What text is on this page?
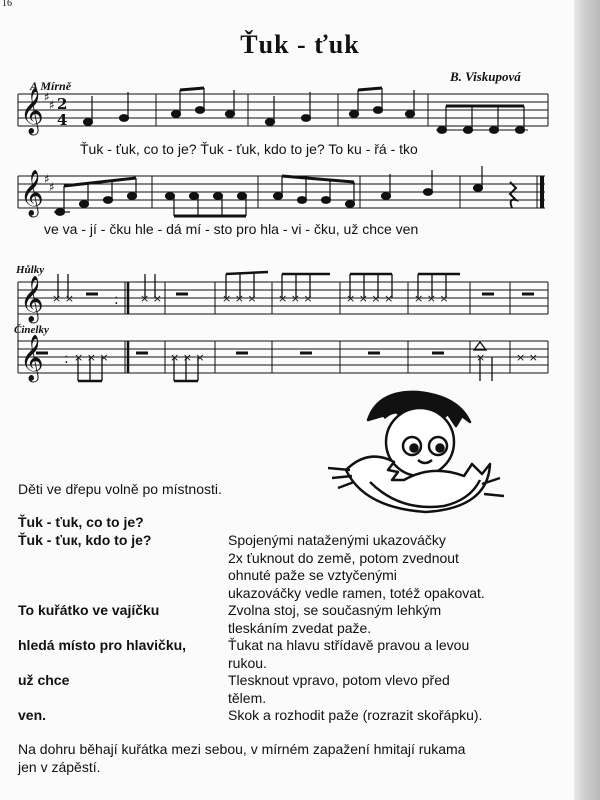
16
Ťuk - ťuk
A Mírně
B. Viskupová
𝄞
𝄞
𝄞
𝄞
♯
♯
♯
♯
2
4
× ×	× ×	× × × × × ×	× × × × × × ×
:
× × ×	× × ×	×	× ×
:
Ťuk - ťuk, co to je? Ťuk - ťuk, kdo to je? To ku - řá - tko
ve va - jí - čku hle - dá mí - sto pro hla - vi - čku, už chce ven
Hůlky
Činelky
Děti ve dřepu volně po místnosti.
Ťuk - ťuk, co to je?
Ťuk - ťuк, kdo to je?	Spojenými nataženými ukazováčky
2x ťuknout do země, potom zvednout
ohnuté paže se vztyčenými
ukazováčky vedle ramen, totéž opakovat.
To kuřátko ve vajíčku	Zvolna stoj, se současným lehkým
tleskáním zvedat paže.
hledá místo pro hlavičku,	Ťukat na hlavu střídavě pravou a levou
rukou.
už chce	Tlesknout vpravo, potom vlevo před
tělem.
ven.	Skok a rozhodit paže (rozrazit skořápku).
Na dohru běhají kuřátka mezi sebou, v mírném zapažení hmitají rukama
jen v zápěstí.
